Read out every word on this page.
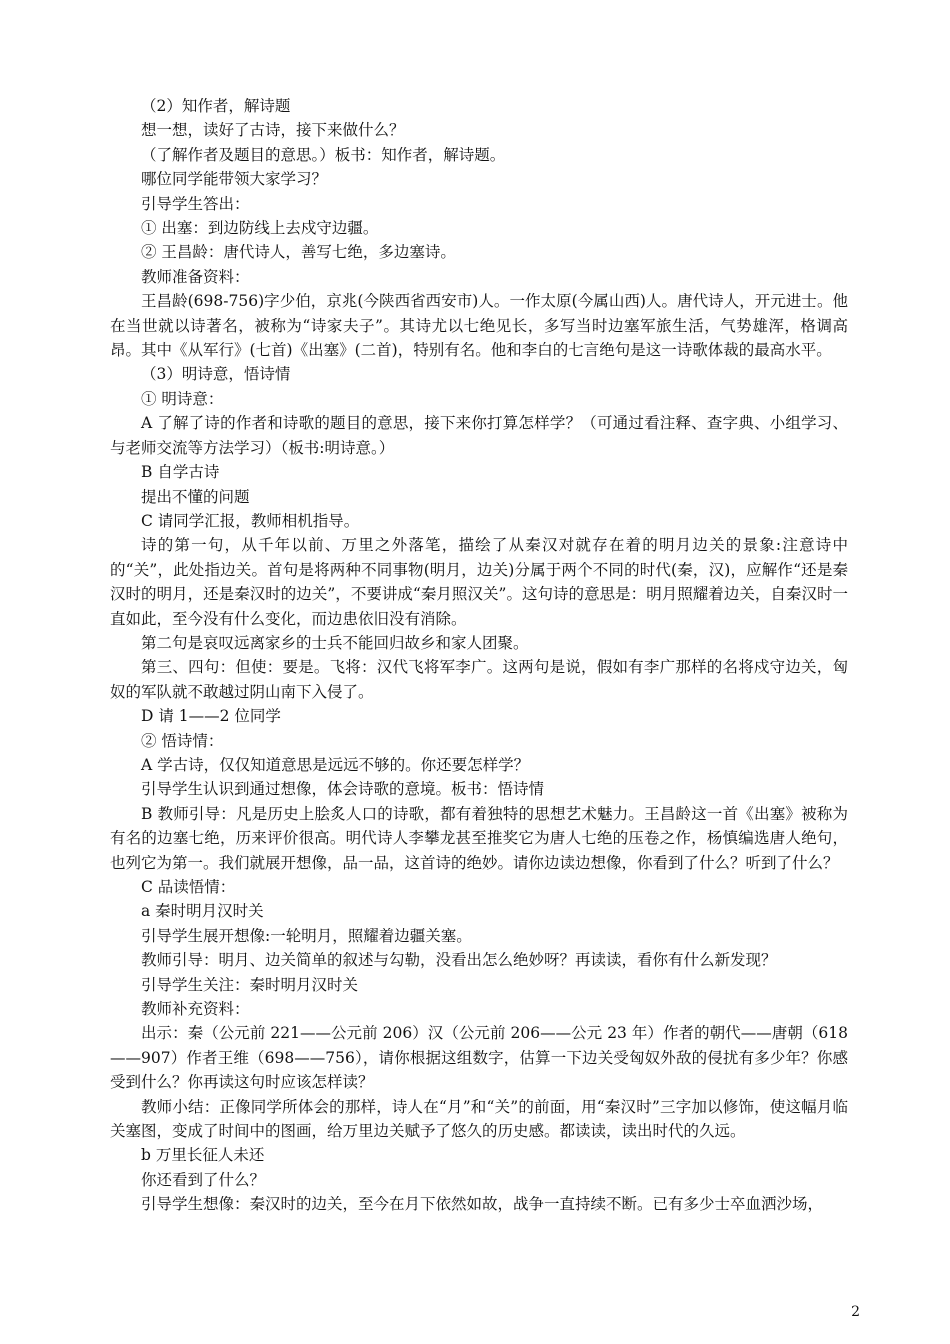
（2）知作者，解诗题

想一想，读好了古诗，接下来做什么？

（了解作者及题目的意思。）板书：知作者，解诗题。

哪位同学能带领大家学习？

引导学生答出：

① 出塞：到边防线上去戍守边疆。

② 王昌龄：唐代诗人，善写七绝，多边塞诗。

教师准备资料：

王昌龄(698-756)字少伯，京兆(今陕西省西安市)人。一作太原(今属山西)人。唐代诗人，开元进士。他在当世就以诗著名，被称为“诗家夫子”。其诗尤以七绝见长，多写当时边塞军旅生活，气势雄浑，格调高昂。其中《从军行》(七首)《出塞》(二首)，特别有名。他和李白的七言绝句是这一诗歌体裁的最高水平。

（3）明诗意，悟诗情

① 明诗意：

A 了解了诗的作者和诗歌的题目的意思，接下来你打算怎样学？（可通过看注释、查字典、小组学习、与老师交流等方法学习）（板书:明诗意。）

B 自学古诗

提出不懂的问题

C 请同学汇报，教师相机指导。

诗的第一句，从千年以前、万里之外落笔，描绘了从秦汉对就存在着的明月边关的景象:注意诗中的“关”，此处指边关。首句是将两种不同事物(明月，边关)分属于两个不同的时代(秦，汉)，应解作“还是秦汉时的明月，还是秦汉时的边关”，不要讲成“秦月照汉关”。这句诗的意思是：明月照耀着边关，自秦汉时一直如此，至今没有什么变化，而边患依旧没有消除。

第二句是哀叹远离家乡的士兵不能回归故乡和家人团聚。

第三、四句：但使：要是。飞将：汉代飞将军李广。这两句是说，假如有李广那样的名将戍守边关，匈奴的军队就不敢越过阴山南下入侵了。

D 请 1——2 位同学

② 悟诗情：

A 学古诗，仅仅知道意思是远远不够的。你还要怎样学？

引导学生认识到通过想像，体会诗歌的意境。板书：悟诗情

B 教师引导：凡是历史上脍炙人口的诗歌，都有着独特的思想艺术魅力。王昌龄这一首《出塞》被称为有名的边塞七绝，历来评价很高。明代诗人李攀龙甚至推奖它为唐人七绝的压卷之作，杨慎编选唐人绝句，也列它为第一。我们就展开想像，品一品，这首诗的绝妙。请你边读边想像，你看到了什么？听到了什么？

C 品读悟情：

a 秦时明月汉时关

引导学生展开想像:一轮明月，照耀着边疆关塞。

教师引导：明月、边关简单的叙述与勾勒，没看出怎么绝妙呀？再读读，看你有什么新发现？

引导学生关注：秦时明月汉时关

教师补充资料：

出示：秦（公元前 221——公元前 206）汉（公元前 206——公元 23 年）作者的朝代——唐朝（618——907）作者王维（698——756），请你根据这组数字，估算一下边关受匈奴外敌的侵扰有多少年？你感受到什么？你再读这句时应该怎样读？

教师小结：正像同学所体会的那样，诗人在“月”和“关”的前面，用“秦汉时”三字加以修饰，使这幅月临关塞图，变成了时间中的图画，给万里边关赋予了悠久的历史感。都读读，读出时代的久远。

b 万里长征人未还

你还看到了什么？

引导学生想像：秦汉时的边关，至今在月下依然如故，战争一直持续不断。已有多少士卒血洒沙场，

2
